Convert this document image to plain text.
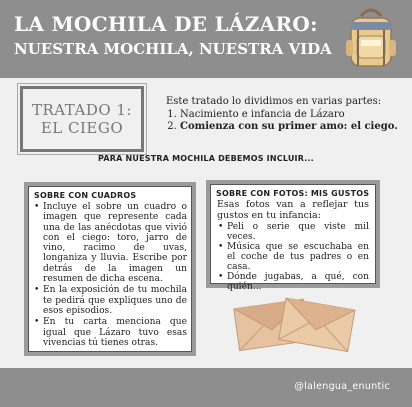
LA MOCHILA DE LÁZARO:
NUESTRA MOCHILA, NUESTRA VIDA
TRATADO 1:
EL CIEGO
Este tratado lo dividimos en varias partes:
1. Nacimiento e infancia de Lázaro
2. Comienza con su primer amo: el ciego.
PARA NUESTRA MOCHILA DEBEMOS INCLUIR...
SOBRE CON CUADROS
• Incluye el sobre un cuadro o imagen que represente cada una de las anécdotas que vivió con el ciego: toro, jarro de vino, racimo de uvas, longaniza y lluvia. Escribe por detrás de la imagen un resumen de dicha escena.
• En la exposición de tu mochila te pedirá que expliques uno de esos episodios.
• En tu carta menciona que igual que Lázaro tuvo esas vivencias tú tienes otras.
SOBRE CON FOTOS: MIS GUSTOS
Esas fotos van a reflejar tus gustos en tu infancia:
• Peli o serie que viste mil veces.
• Música que se escuchaba en el coche de tus padres o en casa.
• Dónde jugabas, a qué, con quién...
@lalengua_enuntic
